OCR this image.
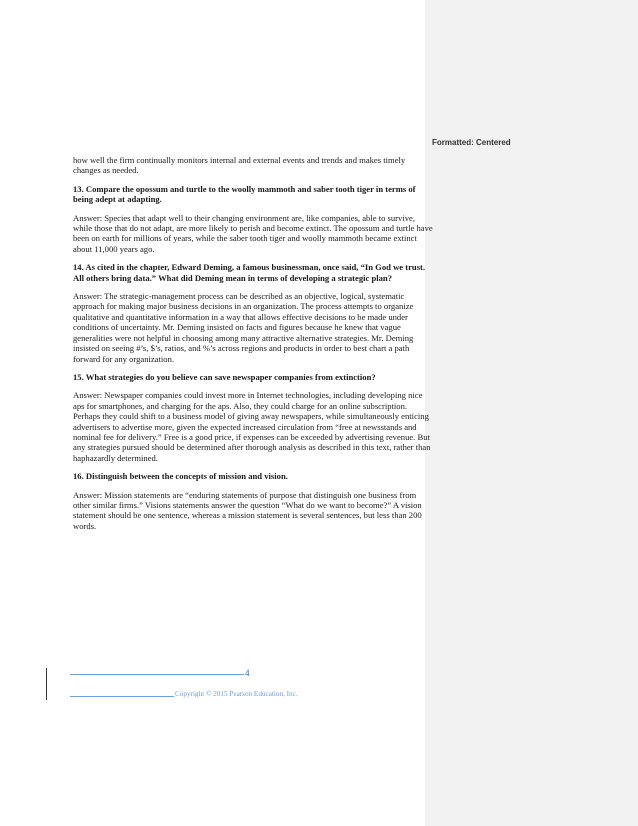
Formatted: Centered

how well the firm continually monitors internal and external events and trends and makes timely changes as needed.

13. Compare the opossum and turtle to the woolly mammoth and saber tooth tiger in terms of being adept at adapting.

Answer: Species that adapt well to their changing environment are, like companies, able to survive, while those that do not adapt, are more likely to perish and become extinct. The opossum and turtle have been on earth for millions of years, while the saber tooth tiger and woolly mammoth became extinct about 11,000 years ago.

14. As cited in the chapter, Edward Deming, a famous businessman, once said, “In God we trust. All others bring data.” What did Deming mean in terms of developing a strategic plan?

Answer: The strategic-management process can be described as an objective, logical, systematic approach for making major business decisions in an organization. The process attempts to organize qualitative and quantitative information in a way that allows effective decisions to be made under conditions of uncertainty. Mr. Deming insisted on facts and figures because he knew that vague generalities were not helpful in choosing among many attractive alternative strategies. Mr. Deming insisted on seeing #’s, $’s, ratios, and %’s across regions and products in order to best chart a path forward for any organization.

15. What strategies do you believe can save newspaper companies from extinction?

Answer: Newspaper companies could invest more in Internet technologies, including developing nice aps for smartphones, and charging for the aps. Also, they could charge for an online subscription. Perhaps they could shift to a business model of giving away newspapers, while simultaneously enticing advertisers to advertise more, given the expected increased circulation from “free at newsstands and nominal fee for delivery.” Free is a good price, if expenses can be exceeded by advertising revenue. But any strategies pursued should be determined after thorough analysis as described in this text, rather than haphazardly determined.

16. Distinguish between the concepts of mission and vision.

Answer: Mission statements are “enduring statements of purpose that distinguish one business from other similar firms.” Visions statements answer the question “What do we want to become?” A vision statement should be one sentence, whereas a mission statement is several sentences, but less than 200 words.

4
Copyright © 2015 Pearson Education, Inc.
